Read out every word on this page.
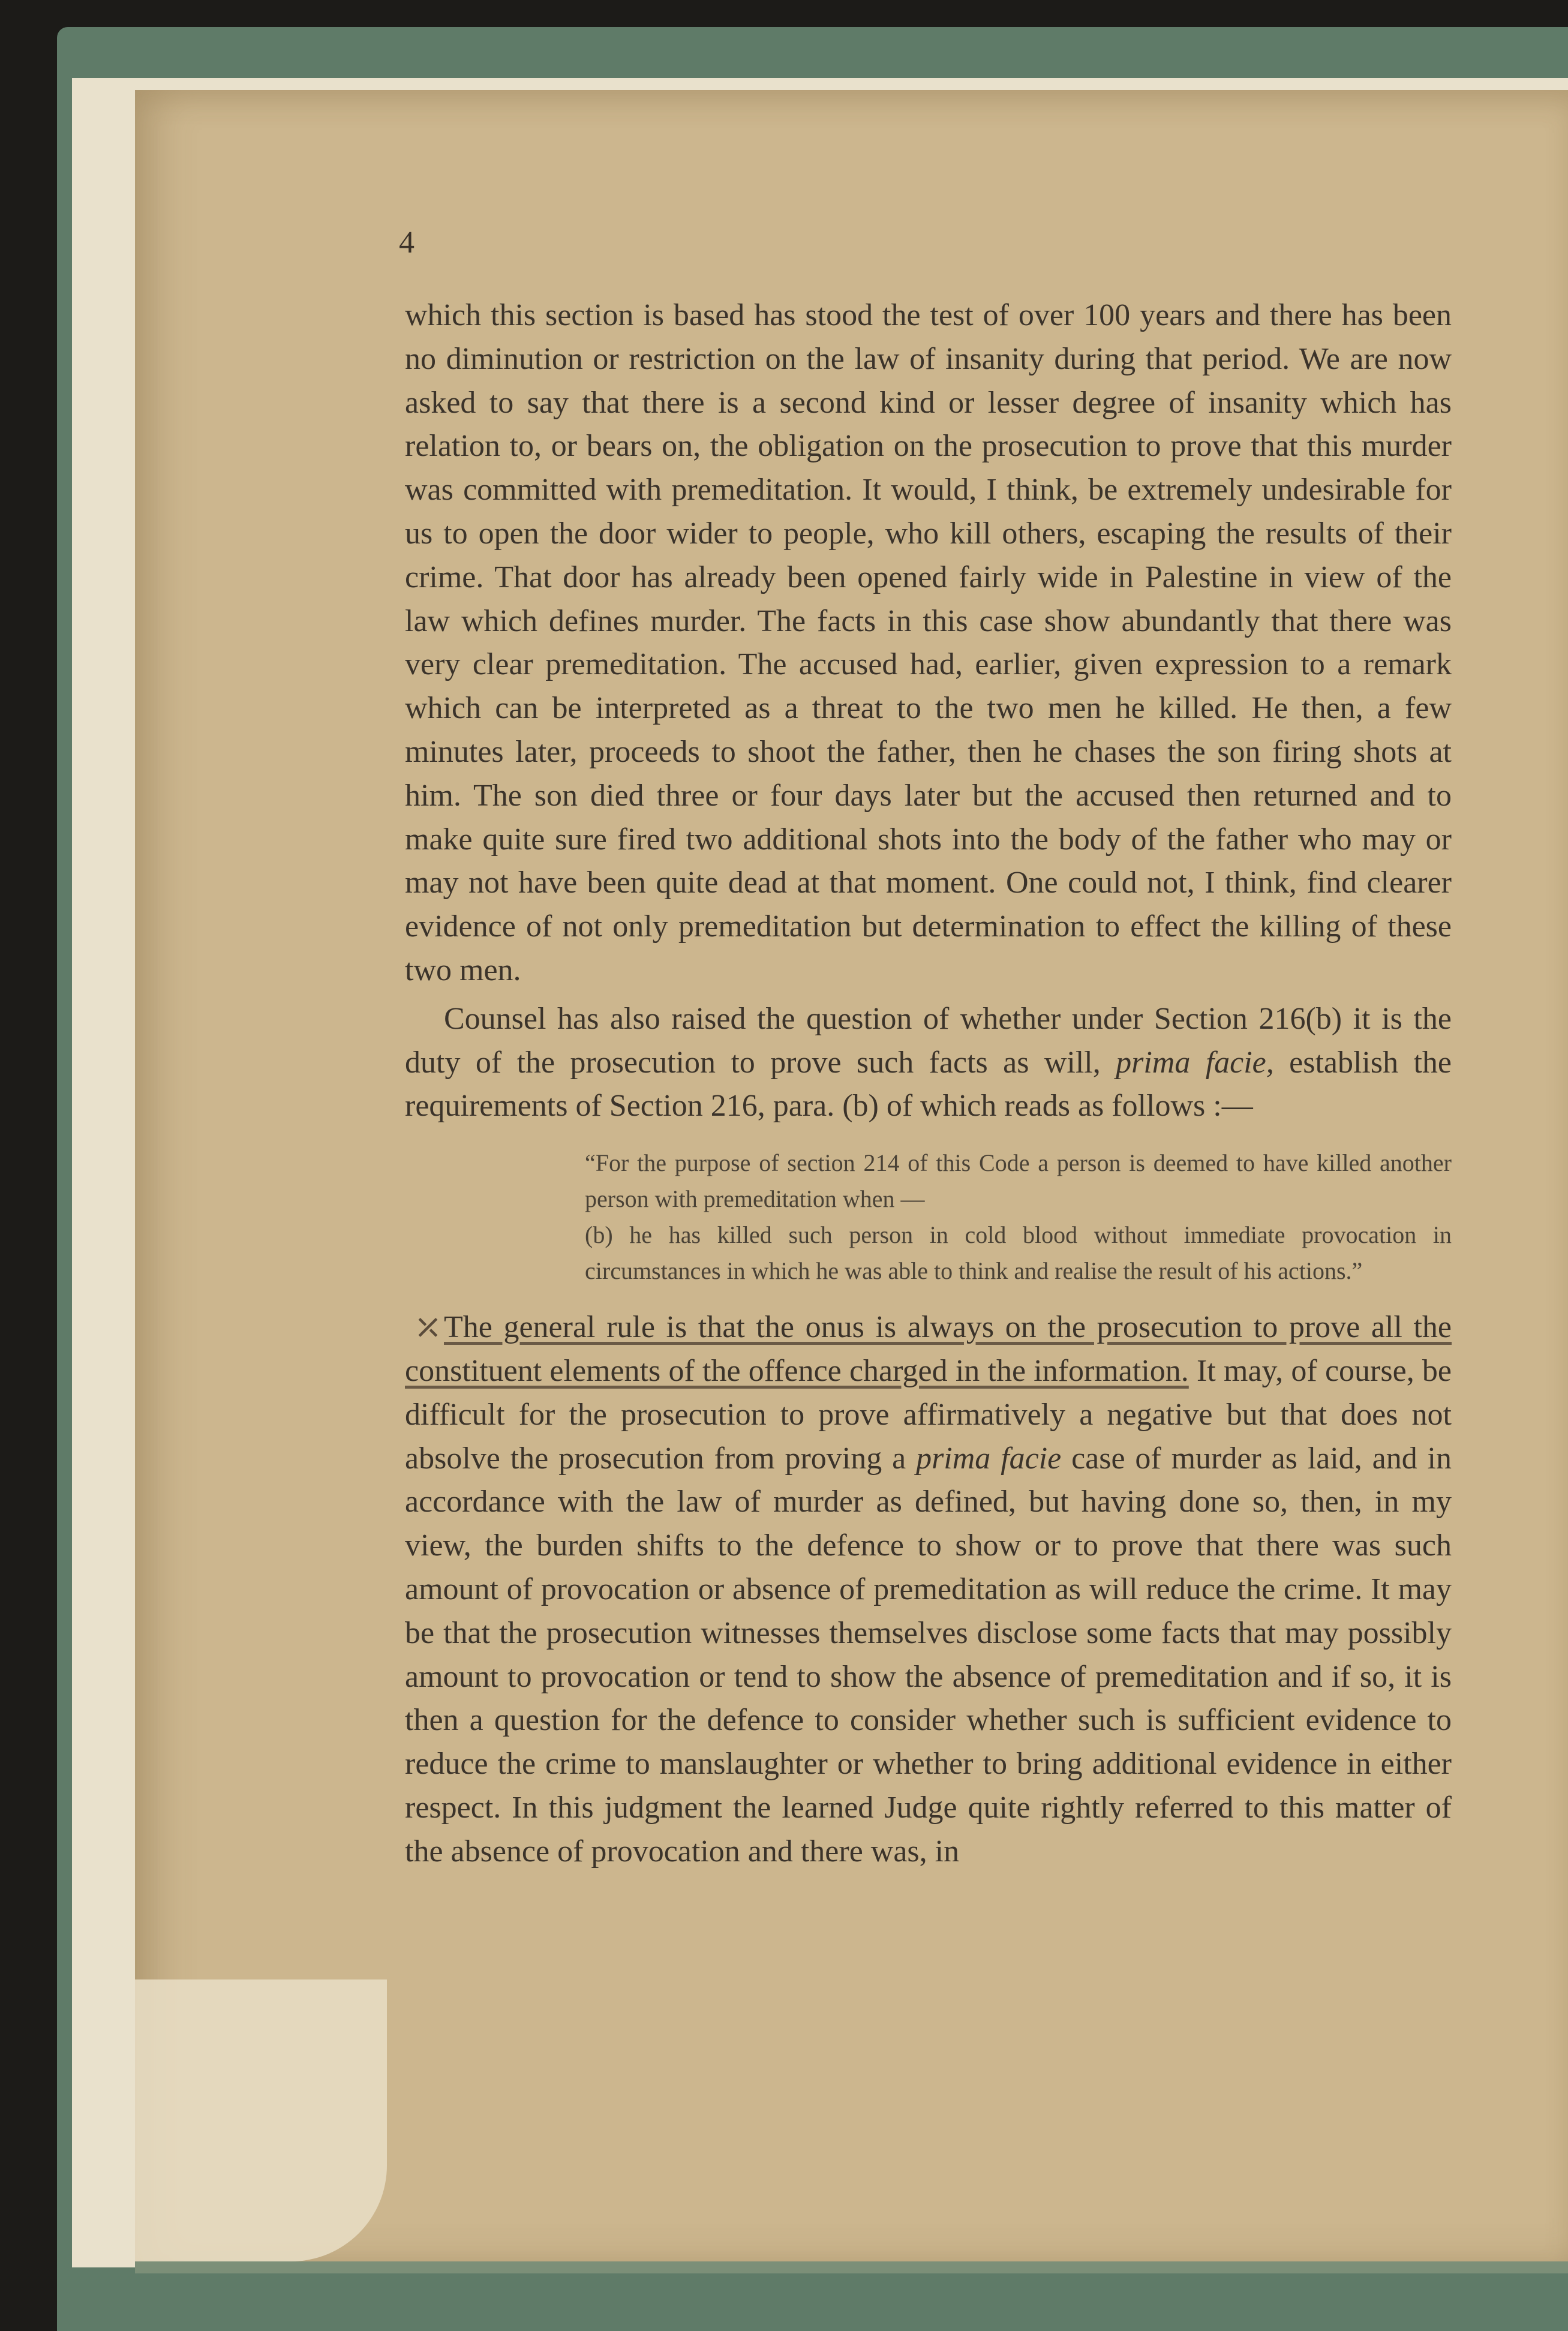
4

which this section is based has stood the test of over 100 years and there has been no diminution or restriction on the law of insanity during that period. We are now asked to say that there is a second kind or lesser degree of insanity which has relation to, or bears on, the obligation on the prosecution to prove that this murder was committed with premeditation. It would, I think, be extremely undesirable for us to open the door wider to people, who kill others, escaping the results of their crime. That door has already been opened fairly wide in Palestine in view of the law which defines murder. The facts in this case show abundantly that there was very clear premeditation. The accused had, earlier, given expression to a remark which can be interpreted as a threat to the two men he killed. He then, a few minutes later, proceeds to shoot the father, then he chases the son firing shots at him. The son died three or four days later but the accused then returned and to make quite sure fired two additional shots into the body of the father who may or may not have been quite dead at that moment. One could not, I think, find clearer evidence of not only premeditation but determination to effect the killing of these two men.

Counsel has also raised the question of whether under Section 216(b) it is the duty of the prosecution to prove such facts as will, prima facie, establish the requirements of Section 216, para. (b) of which reads as follows :—

“For the purpose of section 214 of this Code a person is deemed to have killed another person with premeditation when —

(b) he has killed such person in cold blood without immediate provocation in circumstances in which he was able to think and realise the result of his actions.”

⤫ The general rule is that the onus is always on the prosecution to prove all the constituent elements of the offence charged in the information. It may, of course, be difficult for the prosecution to prove affirmatively a negative but that does not absolve the prosecution from proving a prima facie case of murder as laid, and in accordance with the law of murder as defined, but having done so, then, in my view, the burden shifts to the defence to show or to prove that there was such amount of provocation or absence of premeditation as will reduce the crime. It may be that the prosecution witnesses themselves disclose some facts that may possibly amount to provocation or tend to show the absence of premeditation and if so, it is then a question for the defence to consider whether such is sufficient evidence to reduce the crime to manslaughter or whether to bring additional evidence in either respect. In this judgment the learned Judge quite rightly referred to this matter of the absence of provocation and there was, in
